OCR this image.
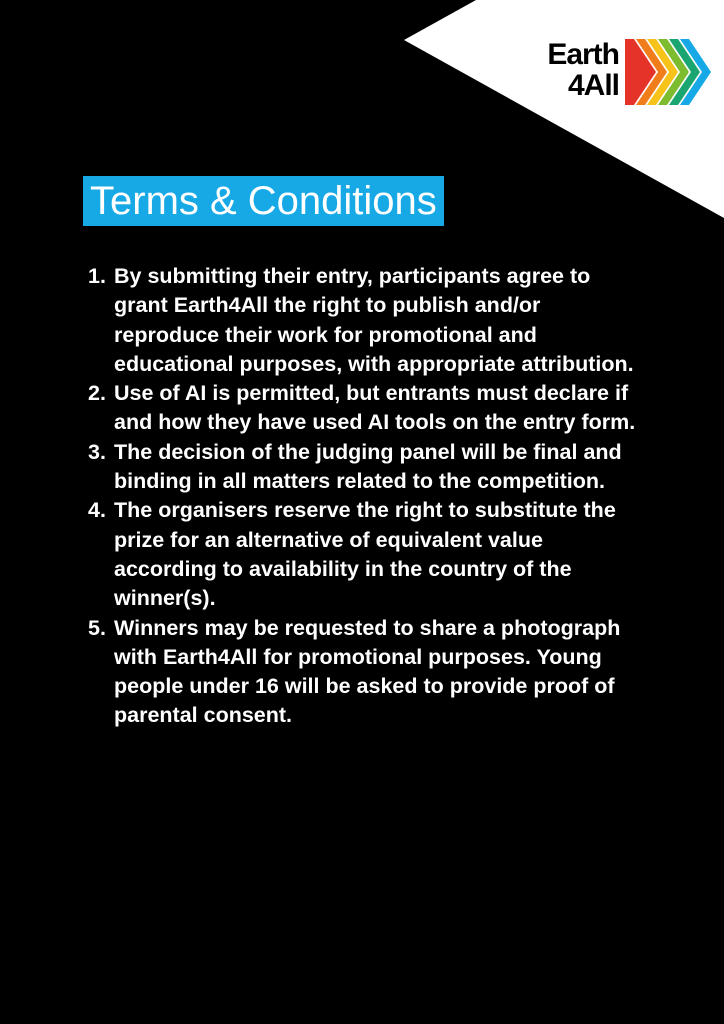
Earth
4All
Terms & Conditions
1. By submitting their entry, participants agree to grant Earth4All the right to publish and/or reproduce their work for promotional and educational purposes, with appropriate attribution.
2. Use of AI is permitted, but entrants must declare if and how they have used AI tools on the entry form.
3. The decision of the judging panel will be final and binding in all matters related to the competition.
4. The organisers reserve the right to substitute the prize for an alternative of equivalent value according to availability in the country of the winner(s).
5. Winners may be requested to share a photograph with Earth4All for promotional purposes. Young people under 16 will be asked to provide proof of parental consent.
